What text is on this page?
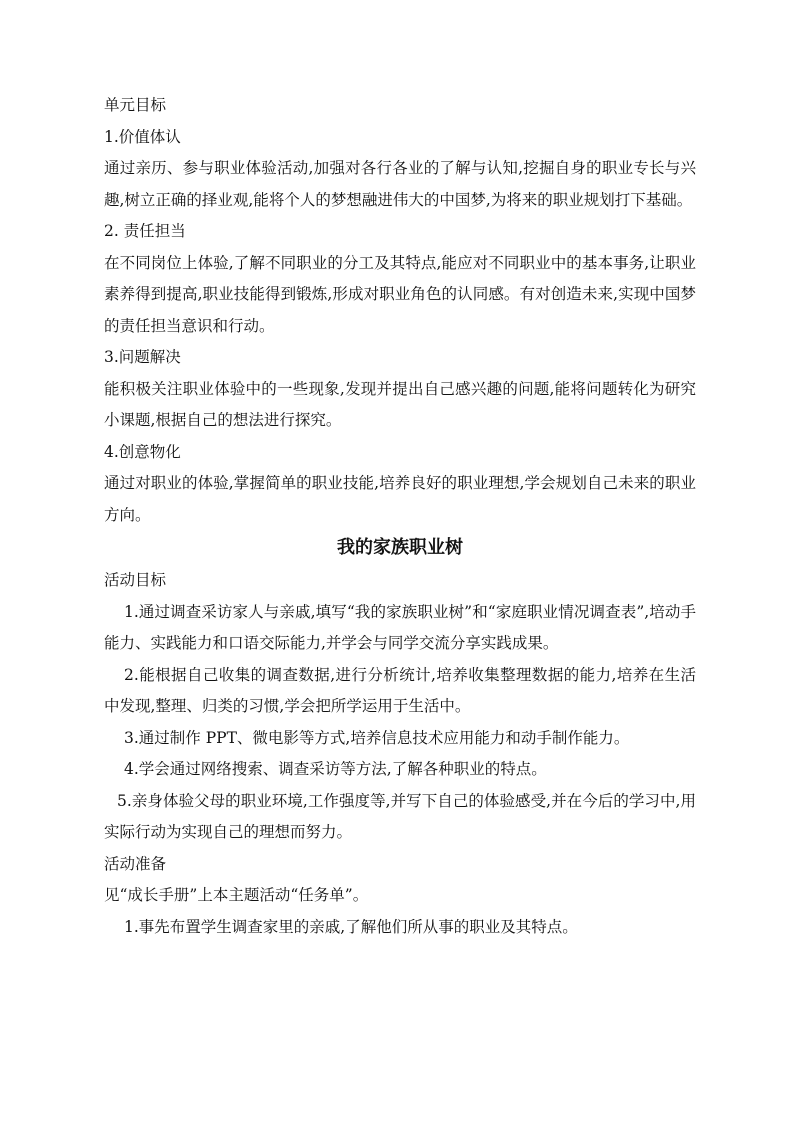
单元目标

1.价值体认

通过亲历、参与职业体验活动,加强对各行各业的了解与认知,挖掘自身的职业专长与兴趣,树立正确的择业观,能将个人的梦想融进伟大的中国梦,为将来的职业规划打下基础。

2. 责任担当

在不同岗位上体验,了解不同职业的分工及其特点,能应对不同职业中的基本事务,让职业素养得到提高,职业技能得到锻炼,形成对职业角色的认同感。有对创造未来,实现中国梦的责任担当意识和行动。

3.问题解决

能积极关注职业体验中的一些现象,发现并提出自己感兴趣的问题,能将问题转化为研究小课题,根据自己的想法进行探究。

4.创意物化

通过对职业的体验,掌握简单的职业技能,培养良好的职业理想,学会规划自己未来的职业方向。

我的家族职业树

活动目标

1.通过调查采访家人与亲戚,填写“我的家族职业树”和“家庭职业情况调查表”,培动手能力、实践能力和口语交际能力,并学会与同学交流分享实践成果。

2.能根据自己收集的调查数据,进行分析统计,培养收集整理数据的能力,培养在生活中发现,整理、归类的习惯,学会把所学运用于生活中。

3.通过制作 PPT、微电影等方式,培养信息技术应用能力和动手制作能力。

4.学会通过网络搜索、调查采访等方法,了解各种职业的特点。

5.亲身体验父母的职业环境,工作强度等,并写下自己的体验感受,并在今后的学习中,用实际行动为实现自己的理想而努力。

活动准备

见“成长手册”上本主题活动“任务单”。

1.事先布置学生调查家里的亲戚,了解他们所从事的职业及其特点。
